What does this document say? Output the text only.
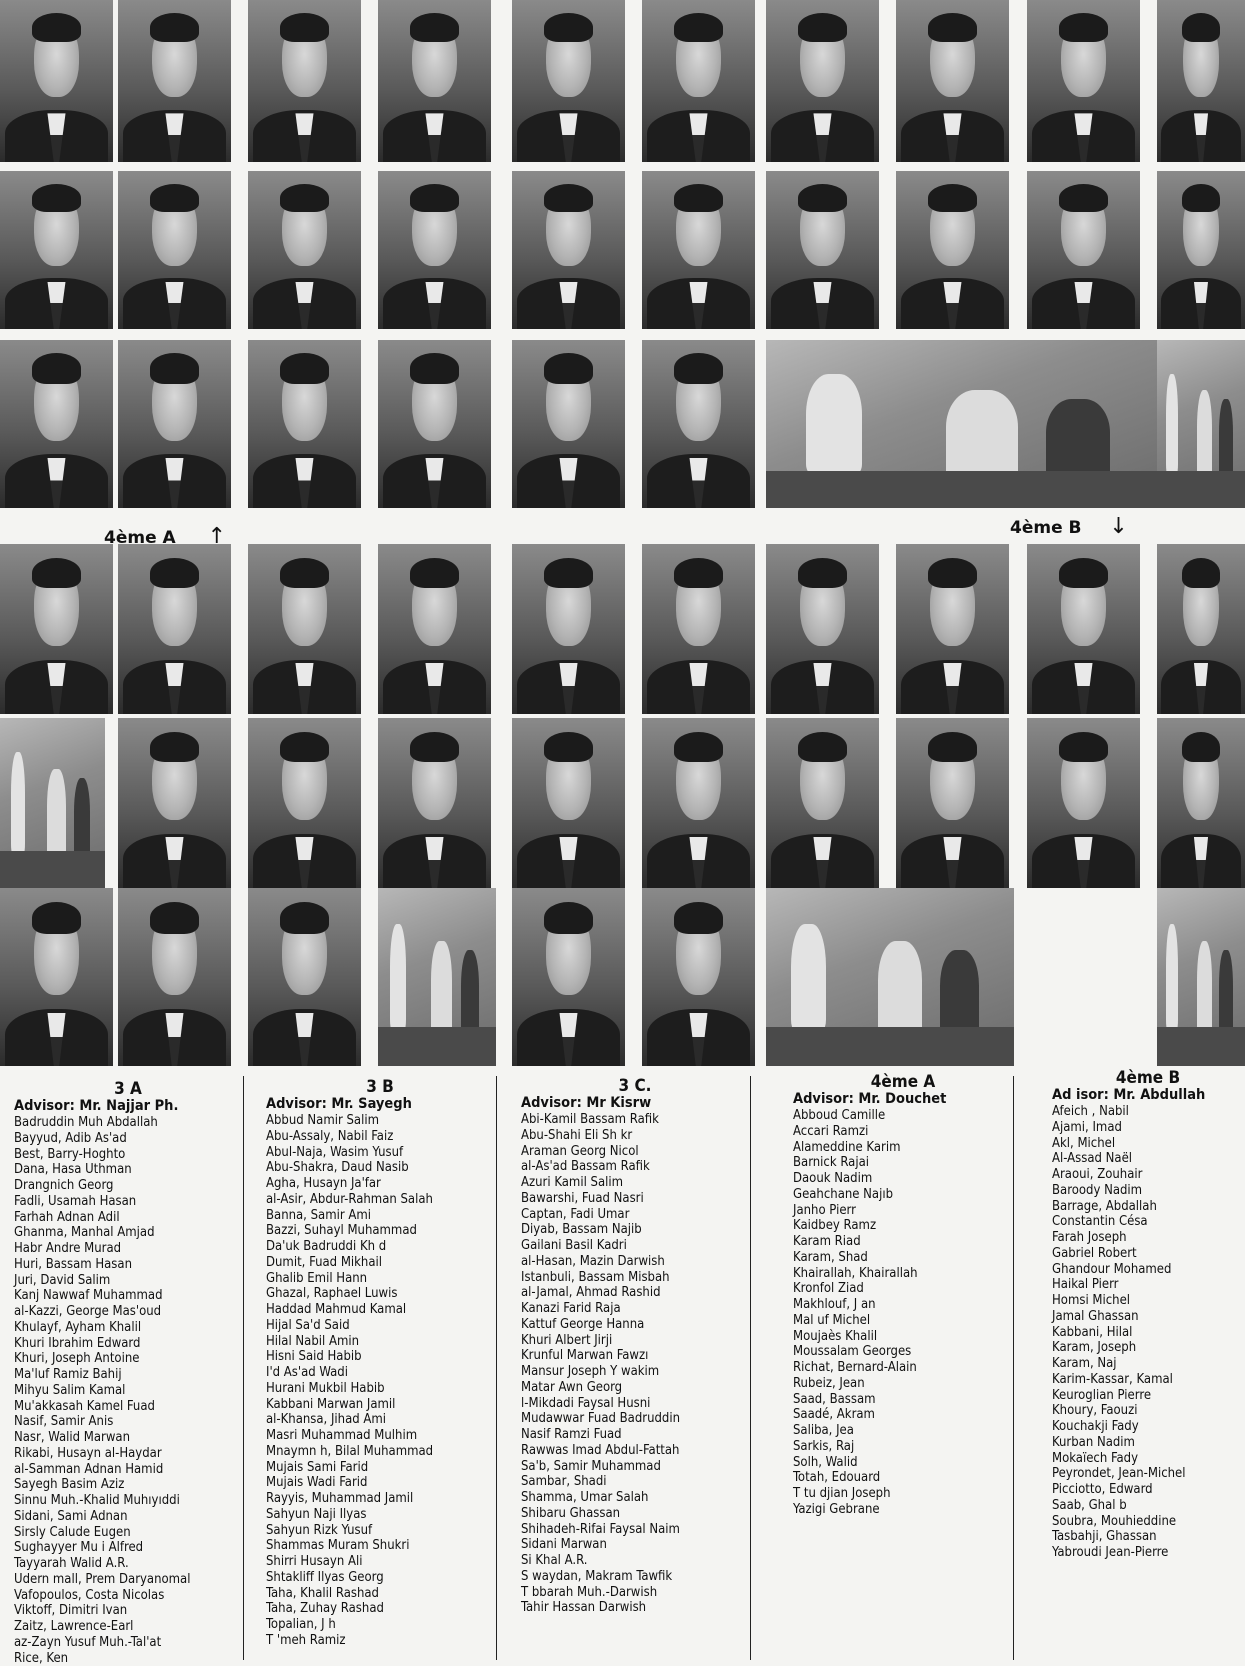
4ème A ↑	4ème B ↓
3 A
Advisor: Mr. Najjar Ph.
Badruddin Muh Abdallah
Bayyud, Adib As'ad
Best, Barry-Hoghto
Dana, Hasa Uthman
Drangnich Georg
Fadli, Usamah Hasan
Farhah Adnan Adil
Ghanma, Manhal Amjad
Habr Andre Murad
Huri, Bassam Hasan
Juri, David Salim
Kanj Nawwaf Muhammad
al-Kazzi, George Mas'oud
Khulayf, Ayham Khalil
Khuri Ibrahim Edward
Khuri, Joseph Antoine
Ma'luf Ramiz Bahij
Mihyu Salim Kamal
Mu'akkasah Kamel Fuad
Nasif, Samir Anis
Nasr, Walid Marwan
Rikabi, Husayn al-Haydar
al-Samman Adnan Hamid
Sayegh Basim Aziz
Sinnu Muh.-Khalid Muhıyıddi
Sidani, Sami Adnan
Sirsly Calude Eugen
Sughayyer Mu i Alfred
Tayyarah Walid A.R.
Udern mall, Prem Daryanomal
Vafopoulos, Costa Nicolas
Viktoff, Dimitri Ivan
Zaitz, Lawrence-Earl
az-Zayn Yusuf Muh.-Tal'at
Rice, Ken
3 B
Advisor: Mr. Sayegh
Abbud Namir Salim
Abu-Assaly, Nabil Faiz
Abul-Naja, Wasim Yusuf
Abu-Shakra, Daud Nasib
Agha, Husayn Ja'far
al-Asir, Abdur-Rahman Salah
Banna, Samir Ami
Bazzi, Suhayl Muhammad
Da'uk Badruddi Kh d
Dumit, Fuad Mikhail
Ghalib Emil Hann
Ghazal, Raphael Luwis
Haddad Mahmud Kamal
Hijal Sa'd Said
Hilal Nabil Amin
Hisni Said Habib
I'd As'ad Wadi
Hurani Mukbil Habib
Kabbani Marwan Jamil
al-Khansa, Jihad Ami
Masri Muhammad Mulhim
Mnaymn h, Bilal Muhammad
Mujais Sami Farid
Mujais Wadi Farid
Rayyis, Muhammad Jamil
Sahyun Naji Ilyas
Sahyun Rizk Yusuf
Shammas Muram Shukri
Shirri Husayn Ali
Shtakliff Ilyas Georg
Taha, Khalil Rashad
Taha, Zuhay Rashad
Topalian, J h
T 'meh Ramiz
3 C.
Advisor: Mr Kisrw
Abi-Kamil Bassam Rafik
Abu-Shahi Eli Sh kr
Araman Georg Nicol
al-As'ad Bassam Rafik
Azuri Kamil Salim
Bawarshi, Fuad Nasri
Captan, Fadi Umar
Diyab, Bassam Najib
Gailani Basil Kadri
al-Hasan, Mazin Darwish
Istanbuli, Bassam Misbah
al-Jamal, Ahmad Rashid
Kanazi Farid Raja
Kattuf George Hanna
Khuri Albert Jirji
Krunful Marwan Fawzı
Mansur Joseph Y wakim
Matar Awn Georg
l-Mikdadi Faysal Husni
Mudawwar Fuad Badruddin
Nasif Ramzi Fuad
Rawwas Imad Abdul-Fattah
Sa'b, Samir Muhammad
Sambar, Shadi
Shamma, Umar Salah
Shibaru Ghassan
Shihadeh-Rifai Faysal Naim
Sidani Marwan
Si Khal A.R.
S waydan, Makram Tawfik
T bbarah Muh.-Darwish
Tahir Hassan Darwish
4ème A
Advisor: Mr. Douchet
Abboud Camille
Accari Ramzi
Alameddine Karim
Barnick Rajai
Daouk Nadim
Geahchane Najıb
Janho Pierr
Kaidbey Ramz
Karam Riad
Karam, Shad
Khairallah, Khairallah
Kronfol Ziad
Makhlouf, J an
Mal uf Michel
Moujaès Khalil
Moussalam Georges
Richat, Bernard-Alain
Rubeiz, Jean
Saad, Bassam
Saadé, Akram
Saliba, Jea
Sarkis, Raj
Solh, Walid
Totah, Edouard
T tu djian Joseph
Yazigi Gebrane
4ème B
Ad isor: Mr. Abdullah
Afeich , Nabil
Ajami, Imad
Akl, Michel
Al-Assad Naël
Araoui, Zouhair
Baroody Nadim
Barrage, Abdallah
Constantin Césa
Farah Joseph
Gabriel Robert
Ghandour Mohamed
Haikal Pierr
Homsi Michel
Jamal Ghassan
Kabbani, Hilal
Karam, Joseph
Karam, Naj
Karim-Kassar, Kamal
Keuroglian Pierre
Khoury, Faouzi
Kouchakji Fady
Kurban Nadim
Mokaïech Fady
Peyrondet, Jean-Michel
Picciotto, Edward
Saab, Ghal b
Soubra, Mouhieddine
Tasbahji, Ghassan
Yabroudi Jean-Pierre
